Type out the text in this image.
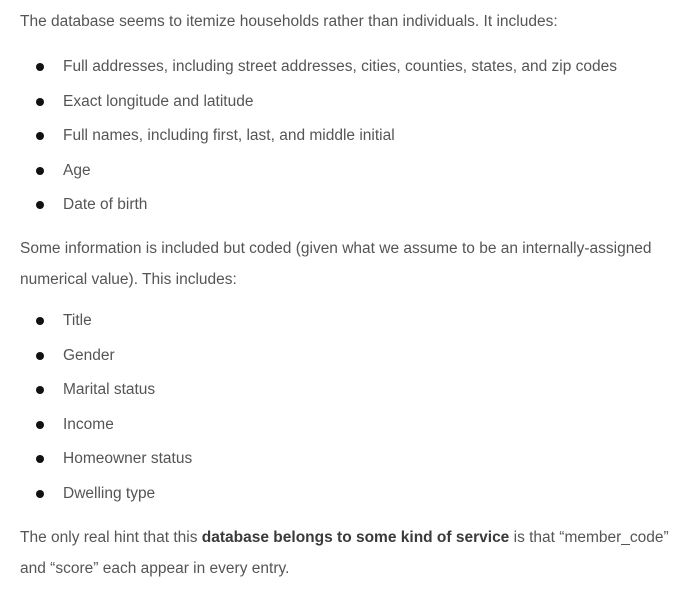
The database seems to itemize households rather than individuals. It includes:

Full addresses, including street addresses, cities, counties, states, and zip codes
Exact longitude and latitude
Full names, including first, last, and middle initial
Age
Date of birth

Some information is included but coded (given what we assume to be an internally-assigned numerical value). This includes:

Title
Gender
Marital status
Income
Homeowner status
Dwelling type

The only real hint that this database belongs to some kind of service is that “member_code” and “score” each appear in every entry.
